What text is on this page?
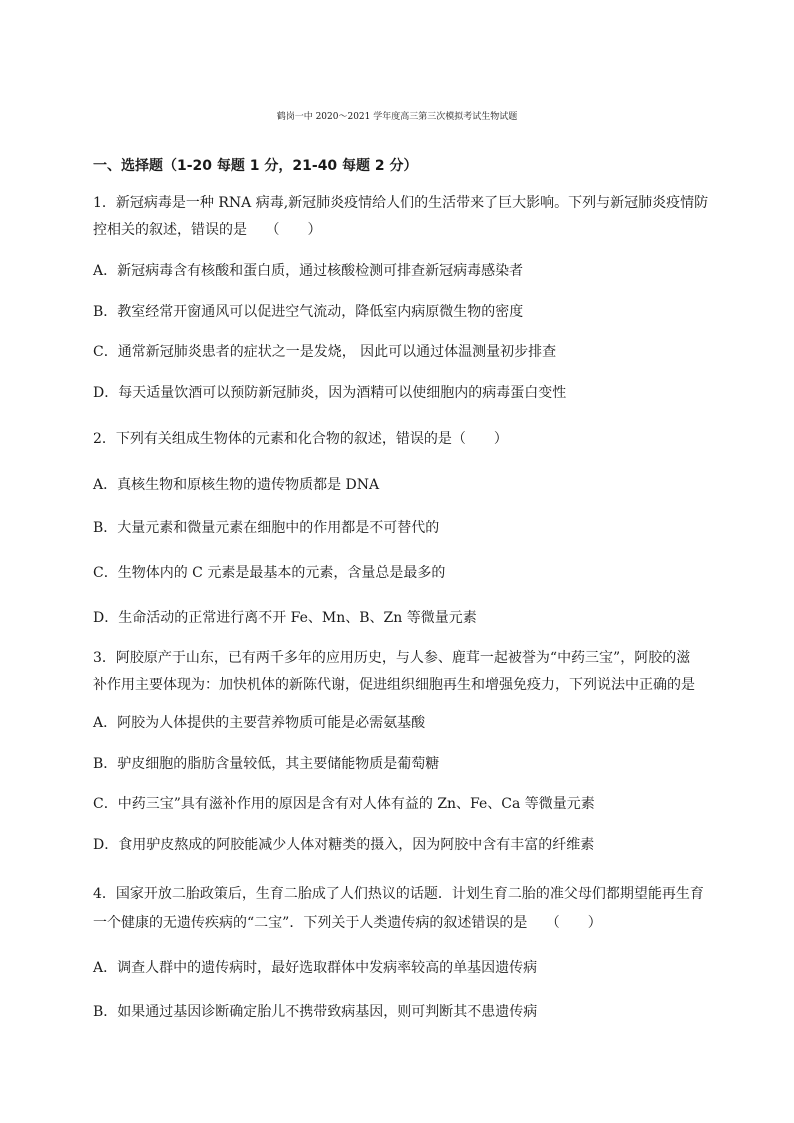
鹤岗一中 2020～2021 学年度高三第三次模拟考试生物试题
一、选择题（1-20 每题 1 分，21-40 每题 2 分）
1．新冠病毒是一种 RNA 病毒,新冠肺炎疫情给人们的生活带来了巨大影响。下列与新冠肺炎疫情防
控相关的叙述，错误的是　 （　　）
A．新冠病毒含有核酸和蛋白质，通过核酸检测可排查新冠病毒感染者
B．教室经常开窗通风可以促进空气流动，降低室内病原微生物的密度
C．通常新冠肺炎患者的症状之一是发烧， 因此可以通过体温测量初步排查
D．每天适量饮酒可以预防新冠肺炎，因为酒精可以使细胞内的病毒蛋白变性
2．下列有关组成生物体的元素和化合物的叙述，错误的是（　　）
A．真核生物和原核生物的遗传物质都是 DNA
B．大量元素和微量元素在细胞中的作用都是不可替代的
C．生物体内的 C 元素是最基本的元素，含量总是最多的
D．生命活动的正常进行离不开 Fe、Mn、B、Zn 等微量元素
3．阿胶原产于山东，已有两千多年的应用历史，与人参、鹿茸一起被誉为“中药三宝”，阿胶的滋
补作用主要体现为：加快机体的新陈代谢，促进组织细胞再生和增强免疫力，下列说法中正确的是
A．阿胶为人体提供的主要营养物质可能是必需氨基酸
B．驴皮细胞的脂肪含量较低，其主要储能物质是葡萄糖
C．中药三宝”具有滋补作用的原因是含有对人体有益的 Zn、Fe、Ca 等微量元素
D．食用驴皮熬成的阿胶能减少人体对糖类的摄入，因为阿胶中含有丰富的纤维素
4．国家开放二胎政策后，生育二胎成了人们热议的话题．计划生育二胎的准父母们都期望能再生育
一个健康的无遗传疾病的“二宝”．下列关于人类遗传病的叙述错误的是　 （　　）
A．调查人群中的遗传病时，最好选取群体中发病率较高的单基因遗传病
B．如果通过基因诊断确定胎儿不携带致病基因，则可判断其不患遗传病
